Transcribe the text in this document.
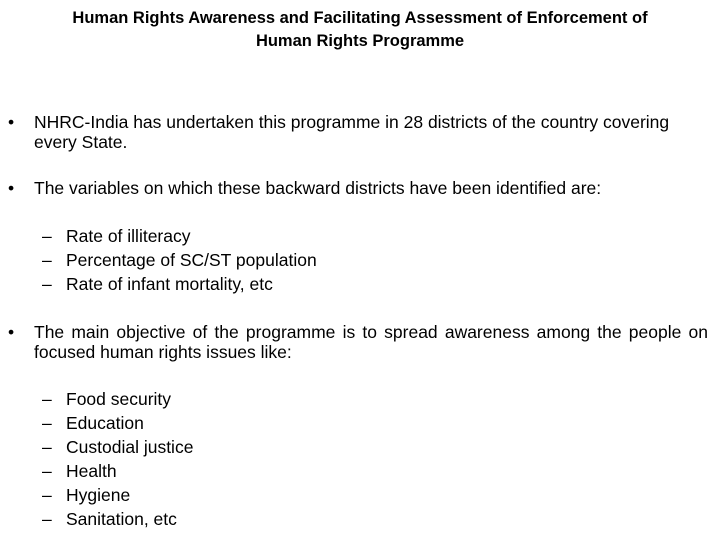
Human Rights Awareness and Facilitating Assessment of Enforcement of
Human Rights Programme
•	NHRC-India has undertaken this programme in 28 districts of the country covering every State.
•	The variables on which these backward districts have been identified are:
– Rate of illiteracy
– Percentage of SC/ST population
– Rate of infant mortality, etc
•	The main objective of the programme is to spread awareness among the people on focused human rights issues like:
– Food security
– Education
– Custodial justice
– Health
– Hygiene
– Sanitation, etc
